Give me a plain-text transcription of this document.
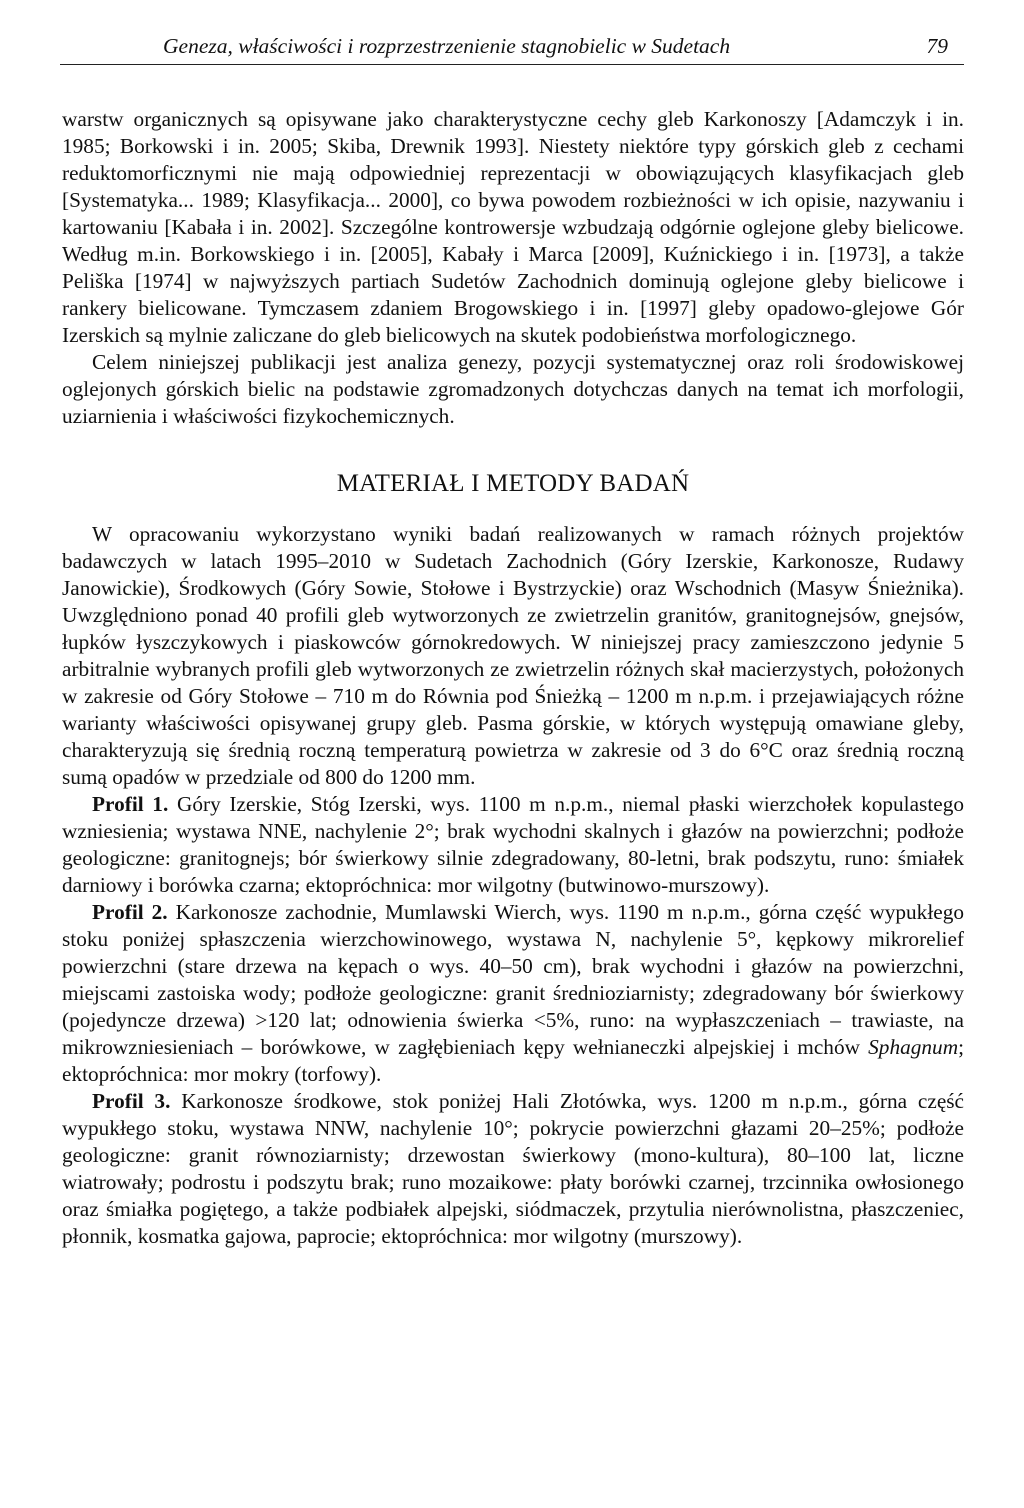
Geneza, właściwości i rozprzestrzenienie stagnobielic w Sudetach	79

warstw organicznych są opisywane jako charakterystyczne cechy gleb Karkonoszy [Adamczyk i in. 1985; Borkowski i in. 2005; Skiba, Drewnik 1993]. Niestety niektóre typy górskich gleb z cechami reduktomorficznymi nie mają odpowiedniej reprezentacji w obowiązujących klasyfikacjach gleb [Systematyka... 1989; Klasyfikacja... 2000], co bywa powodem rozbieżności w ich opisie, nazywaniu i kartowaniu [Kabała i in. 2002]. Szczególne kontrowersje wzbudzają odgórnie oglejone gleby bielicowe. Według m.in. Borkowskiego i in. [2005], Kabały i Marca [2009], Kuźnickiego i in. [1973], a także Peliška [1974] w najwyższych partiach Sudetów Zachodnich dominują oglejone gleby bielicowe i rankery bielicowane. Tymczasem zdaniem Brogowskiego i in. [1997] gleby opadowo-glejowe Gór Izerskich są mylnie zaliczane do gleb bielicowych na skutek podobieństwa morfologicznego.

Celem niniejszej publikacji jest analiza genezy, pozycji systematycznej oraz roli środowiskowej oglejonych górskich bielic na podstawie zgromadzonych dotychczas danych na temat ich morfologii, uziarnienia i właściwości fizykochemicznych.

MATERIAŁ I METODY BADAŃ

W opracowaniu wykorzystano wyniki badań realizowanych w ramach różnych projektów badawczych w latach 1995–2010 w Sudetach Zachodnich (Góry Izerskie, Karkonosze, Rudawy Janowickie), Środkowych (Góry Sowie, Stołowe i Bystrzyckie) oraz Wschodnich (Masyw Śnieżnika). Uwzględniono ponad 40 profili gleb wytworzonych ze zwietrzelin granitów, granitognejsów, gnejsów, łupków łyszczykowych i piaskowców górnokredowych. W niniejszej pracy zamieszczono jedynie 5 arbitralnie wybranych profili gleb wytworzonych ze zwietrzelin różnych skał macierzystych, położonych w zakresie od Góry Stołowe – 710 m do Równia pod Śnieżką – 1200 m n.p.m. i przejawiających różne warianty właściwości opisywanej grupy gleb. Pasma górskie, w których występują omawiane gleby, charakteryzują się średnią roczną temperaturą powietrza w zakresie od 3 do 6°C oraz średnią roczną sumą opadów w przedziale od 800 do 1200 mm.

Profil 1. Góry Izerskie, Stóg Izerski, wys. 1100 m n.p.m., niemal płaski wierzchołek kopulastego wzniesienia; wystawa NNE, nachylenie 2°; brak wychodni skalnych i głazów na powierzchni; podłoże geologiczne: granitognejs; bór świerkowy silnie zdegradowany, 80-letni, brak podszytu, runo: śmiałek darniowy i borówka czarna; ektopróchnica: mor wilgotny (butwinowo-murszowy).

Profil 2. Karkonosze zachodnie, Mumlawski Wierch, wys. 1190 m n.p.m., górna część wypukłego stoku poniżej spłaszczenia wierzchowinowego, wystawa N, nachylenie 5°, kępkowy mikrorelief powierzchni (stare drzewa na kępach o wys. 40–50 cm), brak wychodni i głazów na powierzchni, miejscami zastoiska wody; podłoże geologiczne: granit średnioziarnisty; zdegradowany bór świerkowy (pojedyncze drzewa) >120 lat; odnowienia świerka <5%, runo: na wypłaszczeniach – trawiaste, na mikrowzniesieniach – borówkowe, w zagłębieniach kępy wełnianeczki alpejskiej i mchów Sphagnum; ektopróchnica: mor mokry (torfowy).

Profil 3. Karkonosze środkowe, stok poniżej Hali Złotówka, wys. 1200 m n.p.m., górna część wypukłego stoku, wystawa NNW, nachylenie 10°; pokrycie powierzchni głazami 20–25%; podłoże geologiczne: granit równoziarnisty; drzewostan świerkowy (mono-kultura), 80–100 lat, liczne wiatrowały; podrostu i podszytu brak; runo mozaikowe: płaty borówki czarnej, trzcinnika owłosionego oraz śmiałka pogiętego, a także podbiałek alpejski, siódmaczek, przytulia nierównolistna, płaszczeniec, płonnik, kosmatka gajowa, paprocie; ektopróchnica: mor wilgotny (murszowy).
